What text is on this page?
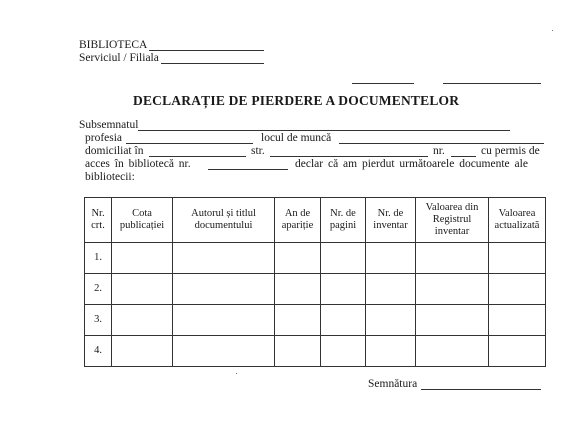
BIBLIOTECA
Serviciul / Filiala
DECLARAȚIE DE PIERDERE A DOCUMENTELOR
Subsemnatul
profesia	locul de muncă
domiciliat în	str.	nr.	cu permis de
acces în bibliotecă nr.	declar că am pierdut următoarele documente ale
bibliotecii:
Nr. crt.	Cota publicației	Autorul și titlul documentului	An de apariție	Nr. de pagini	Nr. de inventar	Valoarea din Registrul inventar	Valoarea actualizată
1.							
2.							
3.							
4.							
Semnătura
